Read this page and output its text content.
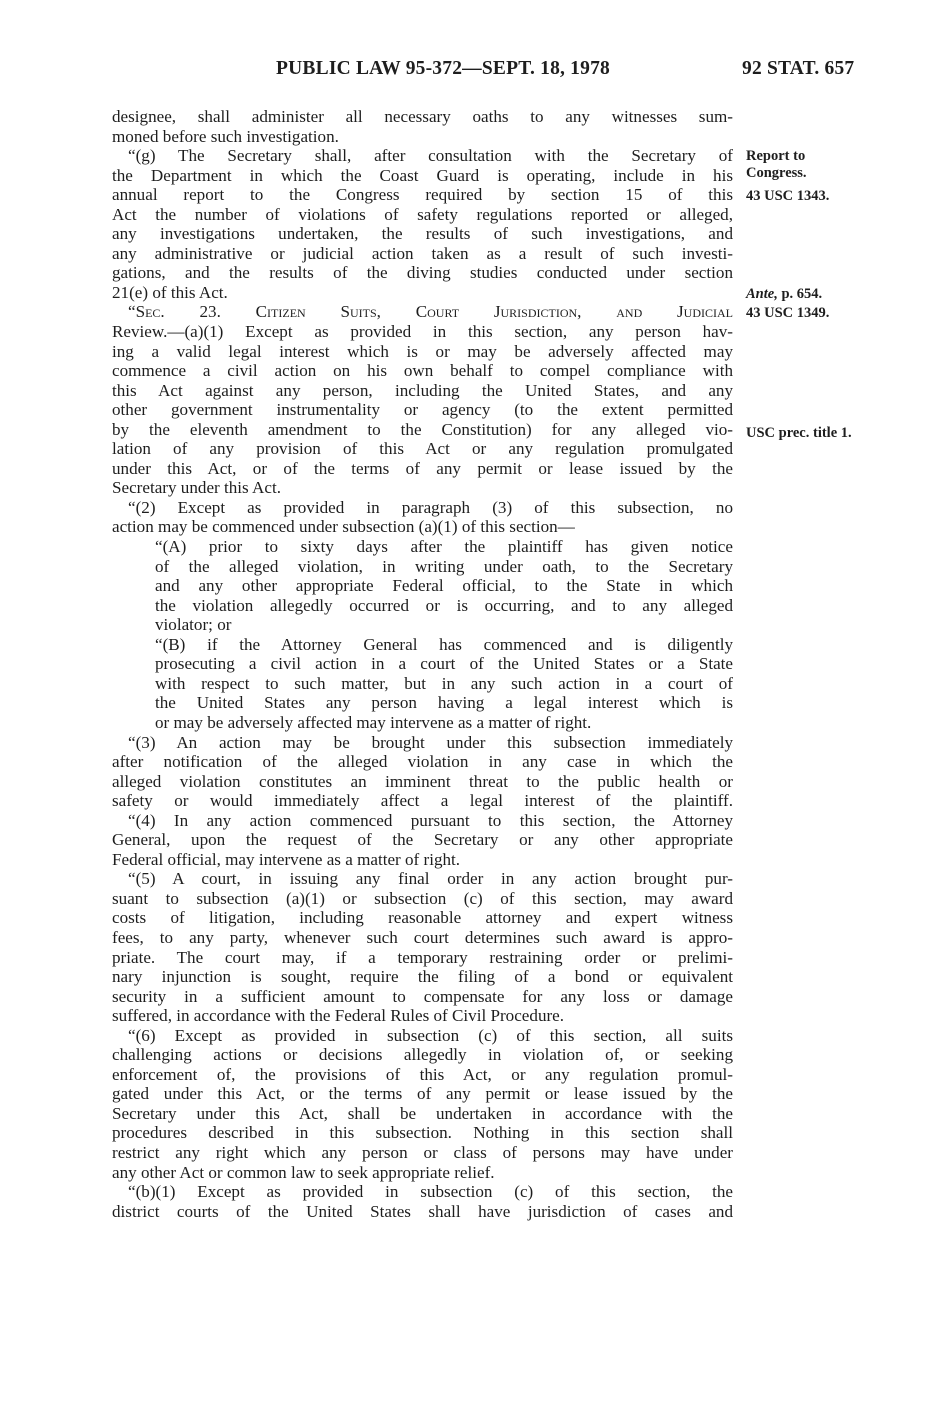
PUBLIC LAW 95-372—SEPT. 18, 1978	92 STAT. 657
designee, shall administer all necessary oaths to any witnesses sum-
moned before such investigation.
“(g) The Secretary shall, after consultation with the Secretary of
the Department in which the Coast Guard is operating, include in his
annual report to the Congress required by section 15 of this
Act the number of violations of safety regulations reported or alleged,
any investigations undertaken, the results of such investigations, and
any administrative or judicial action taken as a result of such investi-
gations, and the results of the diving studies conducted under section
21(e) of this Act.
“Sec. 23. Citizen Suits, Court Jurisdiction, and Judicial
Review.—(a)(1) Except as provided in this section, any person hav-
ing a valid legal interest which is or may be adversely affected may
commence a civil action on his own behalf to compel compliance with
this Act against any person, including the United States, and any
other government instrumentality or agency (to the extent permitted
by the eleventh amendment to the Constitution) for any alleged vio-
lation of any provision of this Act or any regulation promulgated
under this Act, or of the terms of any permit or lease issued by the
Secretary under this Act.
“(2) Except as provided in paragraph (3) of this subsection, no
action may be commenced under subsection (a)(1) of this section—
“(A) prior to sixty days after the plaintiff has given notice
of the alleged violation, in writing under oath, to the Secretary
and any other appropriate Federal official, to the State in which
the violation allegedly occurred or is occurring, and to any alleged
violator; or
“(B) if the Attorney General has commenced and is diligently
prosecuting a civil action in a court of the United States or a State
with respect to such matter, but in any such action in a court of
the United States any person having a legal interest which is
or may be adversely affected may intervene as a matter of right.
“(3) An action may be brought under this subsection immediately
after notification of the alleged violation in any case in which the
alleged violation constitutes an imminent threat to the public health or
safety or would immediately affect a legal interest of the plaintiff.
“(4) In any action commenced pursuant to this section, the Attorney
General, upon the request of the Secretary or any other appropriate
Federal official, may intervene as a matter of right.
“(5) A court, in issuing any final order in any action brought pur-
suant to subsection (a)(1) or subsection (c) of this section, may award
costs of litigation, including reasonable attorney and expert witness
fees, to any party, whenever such court determines such award is appro-
priate. The court may, if a temporary restraining order or prelimi-
nary injunction is sought, require the filing of a bond or equivalent
security in a sufficient amount to compensate for any loss or damage
suffered, in accordance with the Federal Rules of Civil Procedure.
“(6) Except as provided in subsection (c) of this section, all suits
challenging actions or decisions allegedly in violation of, or seeking
enforcement of, the provisions of this Act, or any regulation promul-
gated under this Act, or the terms of any permit or lease issued by the
Secretary under this Act, shall be undertaken in accordance with the
procedures described in this subsection. Nothing in this section shall
restrict any right which any person or class of persons may have under
any other Act or common law to seek appropriate relief.
“(b)(1) Except as provided in subsection (c) of this section, the
district courts of the United States shall have jurisdiction of cases and
Report to
Congress.
43 USC 1343.
Ante, p. 654.
43 USC 1349.
USC prec. title 1.
